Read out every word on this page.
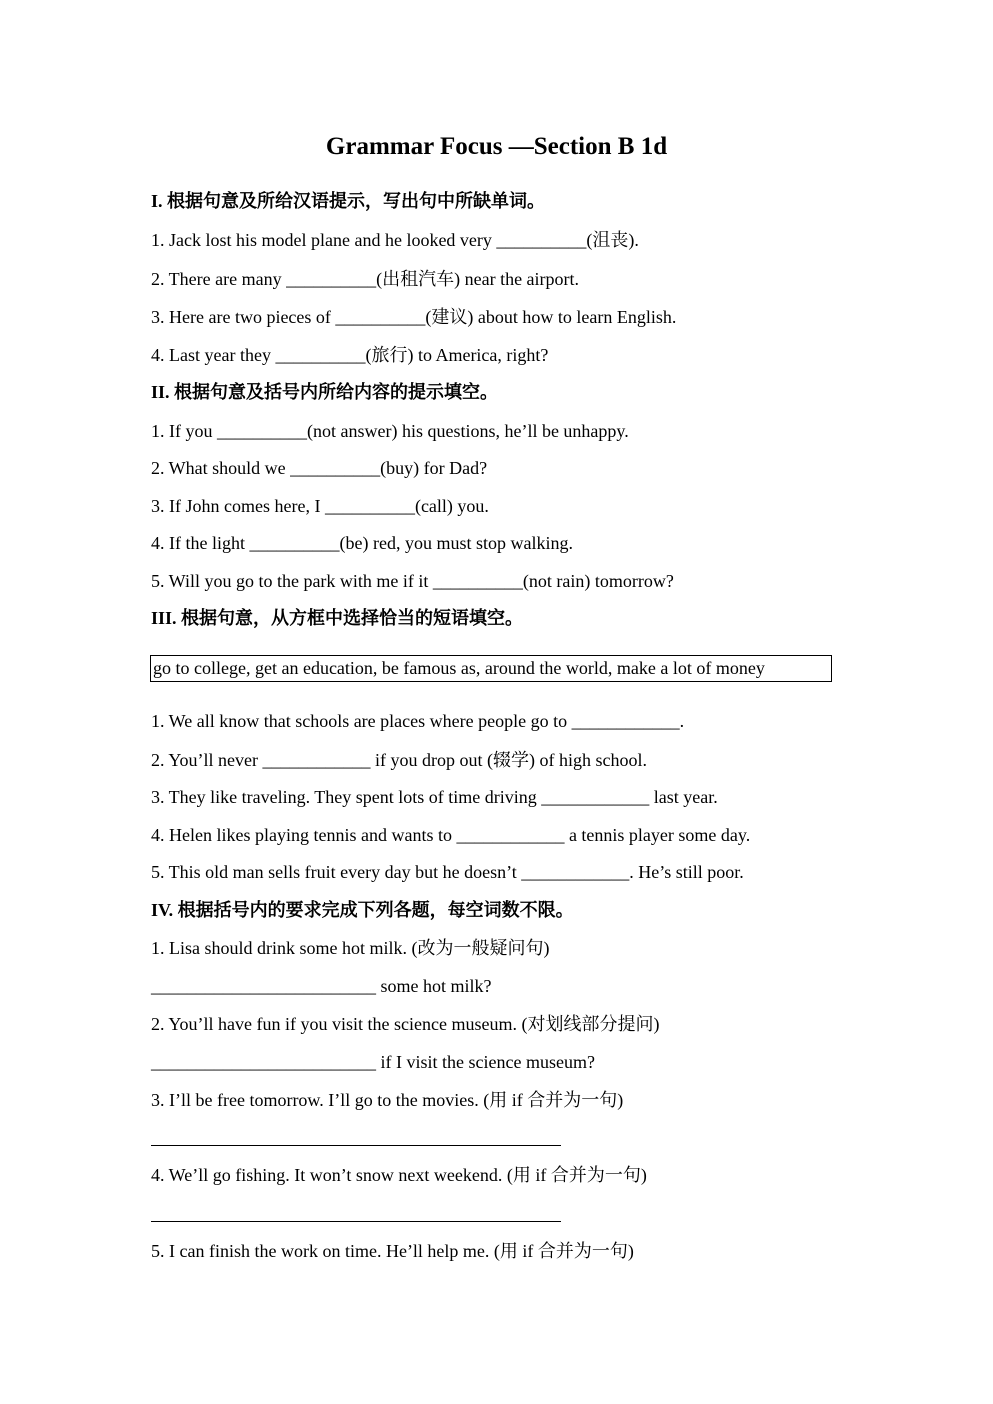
Grammar Focus —Section B 1d
I. 根据句意及所给汉语提示，写出句中所缺单词。
1. Jack lost his model plane and he looked very __________(沮丧).
2. There are many __________(出租汽车) near the airport.
3. Here are two pieces of __________(建议) about how to learn English.
4. Last year they __________(旅行) to America, right?
II. 根据句意及括号内所给内容的提示填空。
1. If you __________(not answer) his questions, he’ll be unhappy.
2. What should we __________(buy) for Dad?
3. If John comes here, I __________(call) you.
4. If the light __________(be) red, you must stop walking.
5. Will you go to the park with me if it __________(not rain) tomorrow?
III. 根据句意，从方框中选择恰当的短语填空。
go to college, get an education, be famous as, around the world, make a lot of money
1. We all know that schools are places where people go to ____________.
2. You’ll never ____________ if you drop out (辍学) of high school.
3. They like traveling. They spent lots of time driving ____________ last year.
4. Helen likes playing tennis and wants to ____________ a tennis player some day.
5. This old man sells fruit every day but he doesn’t ____________. He’s still poor.
IV. 根据括号内的要求完成下列各题，每空词数不限。
1. Lisa should drink some hot milk. (改为一般疑问句)
_________________________ some hot milk?
2. You’ll have fun if you visit the science museum. (对划线部分提问)
_________________________ if I visit the science museum?
3. I’ll be free tomorrow. I’ll go to the movies. (用 if 合并为一句)
4. We’ll go fishing. It won’t snow next weekend. (用 if 合并为一句)
5. I can finish the work on time. He’ll help me. (用 if 合并为一句)
